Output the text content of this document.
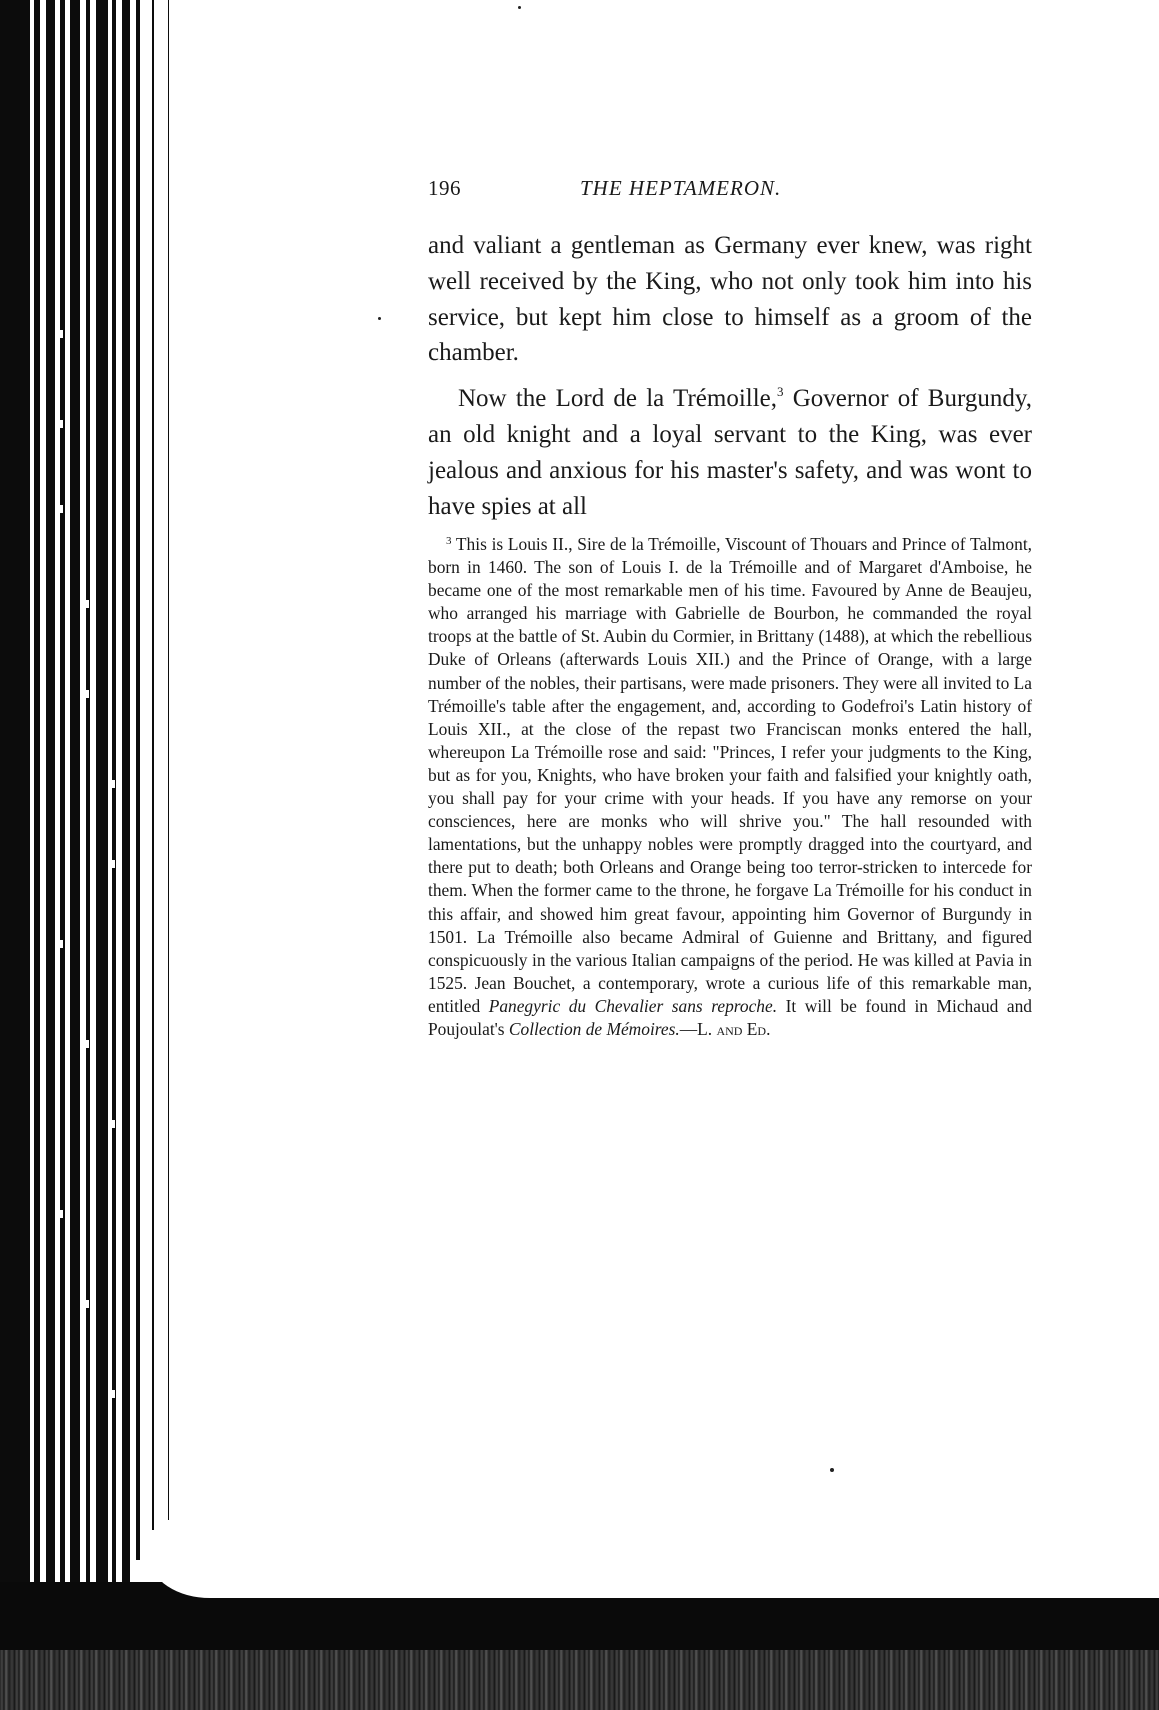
196	THE HEPTAMERON.

and valiant a gentleman as Germany ever knew, was right well received by the King, who not only took him into his service, but kept him close to himself as a groom of the chamber.

Now the Lord de la Trémoille,$^3$ Governor of Burgundy, an old knight and a loyal servant to the King, was ever jealous and anxious for his master's safety, and was wont to have spies at all

$^3$ This is Louis II., Sire de la Trémoille, Viscount of Thouars and Prince of Talmont, born in 1460. The son of Louis I. de la Trémoille and of Margaret d'Amboise, he became one of the most remarkable men of his time. Favoured by Anne de Beaujeu, who arranged his marriage with Gabrielle de Bourbon, he commanded the royal troops at the battle of St. Aubin du Cormier, in Brittany (1488), at which the rebellious Duke of Orleans (afterwards Louis XII.) and the Prince of Orange, with a large number of the nobles, their partisans, were made prisoners. They were all invited to La Trémoille's table after the engagement, and, according to Godefroi's Latin history of Louis XII., at the close of the repast two Franciscan monks entered the hall, whereupon La Trémoille rose and said: "Princes, I refer your judgments to the King, but as for you, Knights, who have broken your faith and falsified your knightly oath, you shall pay for your crime with your heads. If you have any remorse on your consciences, here are monks who will shrive you." The hall resounded with lamentations, but the unhappy nobles were promptly dragged into the courtyard, and there put to death; both Orleans and Orange being too terror-stricken to intercede for them. When the former came to the throne, he forgave La Trémoille for his conduct in this affair, and showed him great favour, appointing him Governor of Burgundy in 1501. La Trémoille also became Admiral of Guienne and Brittany, and figured conspicuously in the various Italian campaigns of the period. He was killed at Pavia in 1525. Jean Bouchet, a contemporary, wrote a curious life of this remarkable man, entitled Panegyric du Chevalier sans reproche. It will be found in Michaud and Poujoulat's Collection de Mémoires.—L. and Ed.
